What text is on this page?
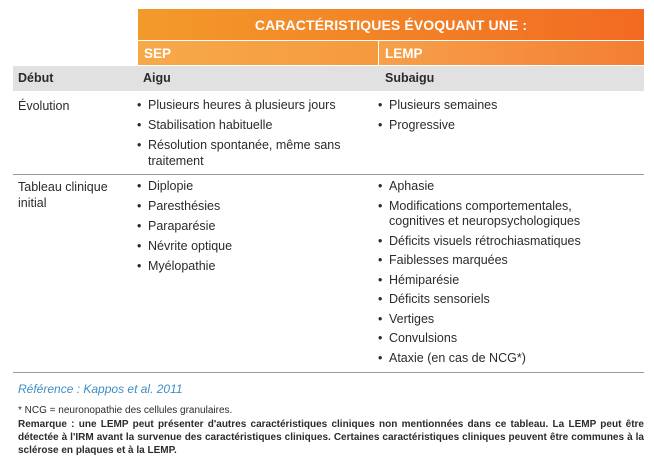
CARACTÉRISTIQUES ÉVOQUANT UNE :
SEP	LEMP
Début	Aigu	Subaigu
Évolution
•	Plusieurs heures à plusieurs jours
• Stabilisation habituelle
• Résolution spontanée, même sans traitement
• Plusieurs semaines
• Progressive
Tableau clinique initial
• Diplopie
• Paresthésies
• Paraparésie
• Névrite optique
• Myélopathie
• Aphasie
• Modifications comportementales, cognitives et neuropsychologiques
• Déficits visuels rétrochiasmatiques
• Faiblesses marquées
• Hémiparésie
• Déficits sensoriels
• Vertiges
• Convulsions
• Ataxie (en cas de NCG*)
Référence : Kappos et al. 2011
* NCG = neuronopathie des cellules granulaires.
Remarque : une LEMP peut présenter d'autres caractéristiques cliniques non mentionnées dans ce tableau. La LEMP peut être détectée à l'IRM avant la survenue des caractéristiques cliniques. Certaines caractéristiques cliniques peuvent être communes à la sclérose en plaques et à la LEMP.
